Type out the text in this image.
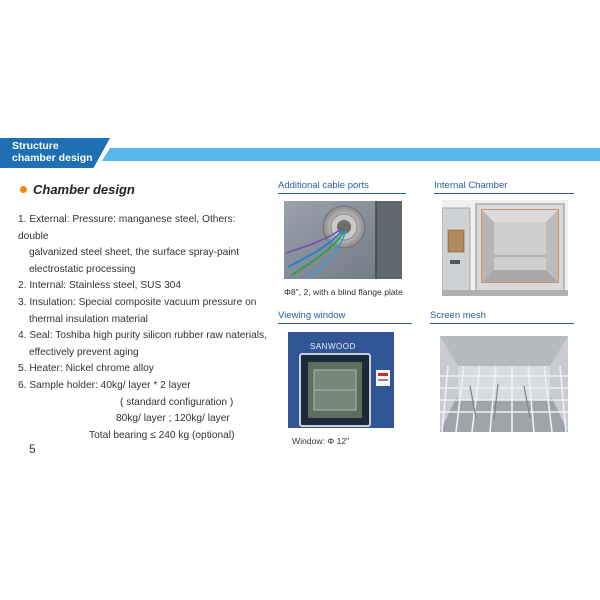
Structure
chamber design
Chamber design

1. External: Pressure: manganese steel, Others: double

galvanized steel sheet, the surface spray-paint

electrostatic processing

2. Internal: Stainless steel, SUS 304

3. Insulation: Special composite vacuum pressure on

thermal insulation material

4. Seal: Toshiba high purity silicon rubber raw naterials,

effectively prevent aging

5. Heater: Nickel chrome alloy

6. Sample holder: 40kg/ layer * 2 layer

( standard configuration )

80kg/ layer ; 120kg/ layer

Total bearing ≤ 240 kg (optional)

5
Additional cable ports
Φ8", 2, with a blind flange plate
Internal Chamber
Viewing window
SANWOOD
Window: Φ 12"
Screen mesh
